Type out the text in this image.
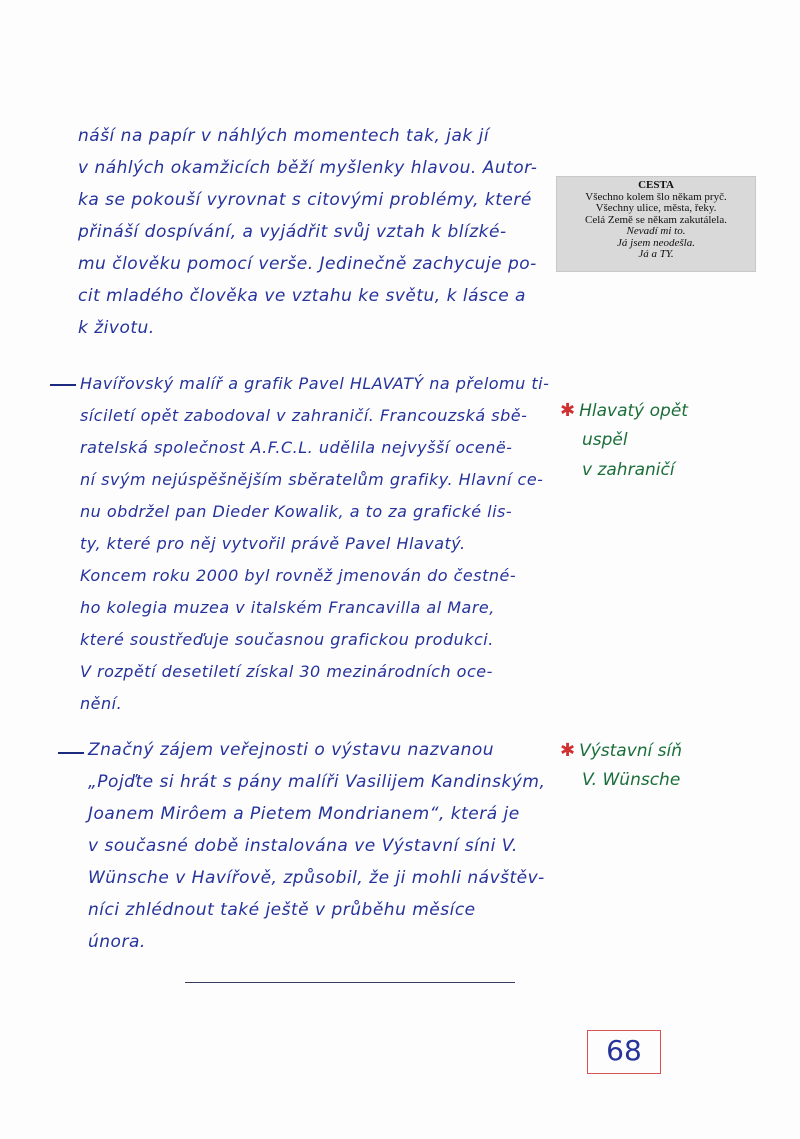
náší na papír v náhlých momentech tak, jak jí
v náhlých okamžicích běží myšlenky hlavou. Autor-
ka se pokouší vyrovnat s citovými problémy, které
přináší dospívání, a vyjádřit svůj vztah k blízké-
mu člověku pomocí verše. Jedinečně zachycuje po-
cit mladého člověka ve vztahu ke světu, k lásce a
k životu.
CESTA
Všechno kolem šlo někam pryč.
Všechny ulice, města, řeky.
Celá Země se někam zakutálela.
Nevadí mi to.
Já jsem neodešla.
Já a TY.
Havířovský malíř a grafik Pavel HLAVATÝ na přelomu ti-
síciletí opět zabodoval v zahraničí. Francouzská sbě-
ratelská společnost A.F.C.L. udělila nejvyšší ocenë-
ní svým nejúspěšnějším sběratelům grafiky. Hlavní ce-
nu obdržel pan Dieder Kowalik, a to za grafické lis-
ty, které pro něj vytvořil právě Pavel Hlavatý.
Koncem roku 2000 byl rovněž jmenován do čestné-
ho kolegia muzea v italském Francavilla al Mare,
které soustřeďuje současnou grafickou produkci.
V rozpětí desetiletí získal 30 mezinárodních oce-
nění.
✱ Hlavatý opět
uspěl
v zahraničí
Značný zájem veřejnosti o výstavu nazvanou
„Pojďte si hrát s pány malíři Vasilijem Kandinským,
Joanem Mirôem a Pietem Mondrianem“, která je
v současné době instalována ve Výstavní síni V.
Wünsche v Havířově, způsobil, že ji mohli návštěv-
níci zhlédnout také ještě v průběhu měsíce
února.
✱ Výstavní síň
V. Wünsche
68
